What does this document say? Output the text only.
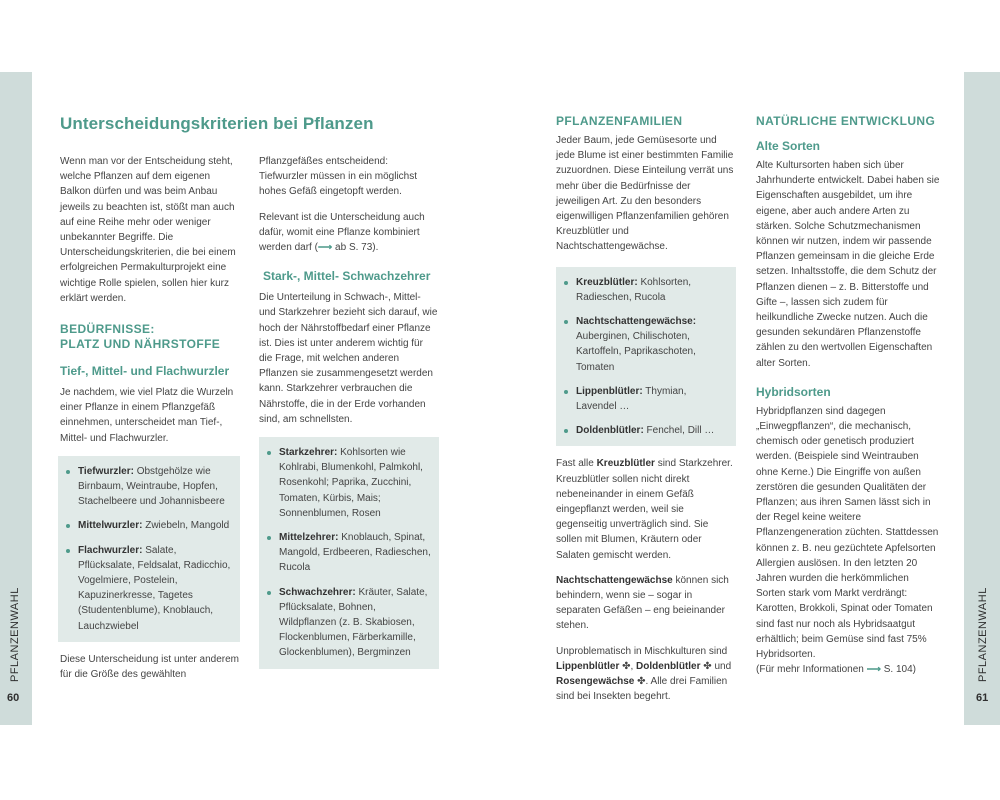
PFLANZENWAHL
60
PFLANZENWAHL
61
Unterscheidungskriterien bei Pflanzen

Wenn man vor der Entscheidung steht, welche Pflanzen auf dem eigenen Balkon dürfen und was beim Anbau jeweils zu beachten ist, stößt man auch auf eine Reihe mehr oder weniger unbekannter Begriffe. Die Unterscheidungskriterien, die bei einem erfolgreichen Permakulturprojekt eine wichtige Rolle spielen, sollen hier kurz erklärt werden.

BEDÜRFNISSE:
PLATZ UND NÄHRSTOFFE
Tief-, Mittel- und Flachwurzler

Je nachdem, wie viel Platz die Wurzeln einer Pflanze in einem Pflanzgefäß einnehmen, unterscheidet man Tief-, Mittel- und Flachwurzler.

Tiefwurzler: Obstgehölze wie Birnbaum, Weintraube, Hopfen, Stachelbeere und Johannisbeere
Mittelwurzler: Zwiebeln, Mangold
Flachwurzler: Salate, Pflücksalate, Feldsalat, Radicchio, Vogelmiere, Postelein, Kapuzinerkresse, Tagetes (Studentenblume), Knoblauch, Lauchzwiebel

Diese Unterscheidung ist unter anderem für die Größe des gewählten

Pflanzgefäßes entscheidend: Tiefwurzler müssen in ein möglichst hohes Gefäß eingetopft werden.

Relevant ist die Unterscheidung auch dafür, womit eine Pflanze kombiniert werden darf (⟶ ab S. 73).

Stark-, Mittel- Schwachzehrer

Die Unterteilung in Schwach-, Mittel- und Starkzehrer bezieht sich darauf, wie hoch der Nährstoffbedarf einer Pflanze ist. Dies ist unter anderem wichtig für die Frage, mit welchen anderen Pflanzen sie zusammengesetzt werden kann. Starkzehrer verbrauchen die Nährstoffe, die in der Erde vorhanden sind, am schnellsten.

Starkzehrer: Kohlsorten wie Kohlrabi, Blumenkohl, Palmkohl, Rosenkohl; Paprika, Zucchini, Tomaten, Kürbis, Mais; Sonnenblumen, Rosen
Mittelzehrer: Knoblauch, Spinat, Mangold, Erdbeeren, Radieschen, Rucola
Schwachzehrer: Kräuter, Salate, Pflücksalate, Bohnen, Wildpflanzen (z. B. Skabiosen, Flockenblumen, Färberkamille, Glockenblumen), Bergminzen
PFLANZENFAMILIEN

Jeder Baum, jede Gemüsesorte und jede Blume ist einer bestimmten Familie zuzuordnen. Diese Einteilung verrät uns mehr über die Bedürfnisse der jeweiligen Art. Zu den besonders eigenwilligen Pflanzenfamilien gehören Kreuzblütler und Nachtschattengewächse.

Kreuzblütler: Kohlsorten, Radieschen, Rucola
Nachtschattengewächse: Auberginen, Chilischoten, Kartoffeln, Paprikaschoten, Tomaten
Lippenblütler: Thymian, Lavendel …
Doldenblütler: Fenchel, Dill …

Fast alle Kreuzblütler sind Starkzehrer. Kreuzblütler sollen nicht direkt nebeneinander in einem Gefäß eingepflanzt werden, weil sie gegenseitig unverträglich sind. Sie sollen mit Blumen, Kräutern oder Salaten gemischt werden.

Nachtschattengewächse können sich behindern, wenn sie – sogar in separaten Gefäßen – eng beieinander stehen.

Unproblematisch in Mischkulturen sind Lippenblütler ✤, Doldenblütler ✤ und Rosengewächse ✤. Alle drei Familien sind bei Insekten begehrt.

NATÜRLICHE ENTWICKLUNG
Alte Sorten

Alte Kultursorten haben sich über Jahrhunderte entwickelt. Dabei haben sie Eigenschaften ausgebildet, um ihre eigene, aber auch andere Arten zu stärken. Solche Schutzmechanismen können wir nutzen, indem wir passende Pflanzen gemeinsam in die gleiche Erde setzen. Inhaltsstoffe, die dem Schutz der Pflanzen dienen – z. B. Bitterstoffe und Gifte –, lassen sich zudem für heilkundliche Zwecke nutzen. Auch die gesunden sekundären Pflanzenstoffe zählen zu den wertvollen Eigenschaften alter Sorten.

Hybridsorten

Hybridpflanzen sind dagegen „Einwegpflanzen“, die mechanisch, chemisch oder genetisch produziert werden. (Beispiele sind Weintrauben ohne Kerne.) Die Eingriffe von außen zerstören die gesunden Qualitäten der Pflanzen; aus ihren Samen lässt sich in der Regel keine weitere Pflanzengeneration züchten. Stattdessen können z. B. neu gezüchtete Apfelsorten Allergien auslösen. In den letzten 20 Jahren wurden die herkömmlichen Sorten stark vom Markt verdrängt: Karotten, Brokkoli, Spinat oder Tomaten sind fast nur noch als Hybridsaatgut erhältlich; beim Gemüse sind fast 75% Hybridsorten.

(Für mehr Informationen ⟶ S. 104)
